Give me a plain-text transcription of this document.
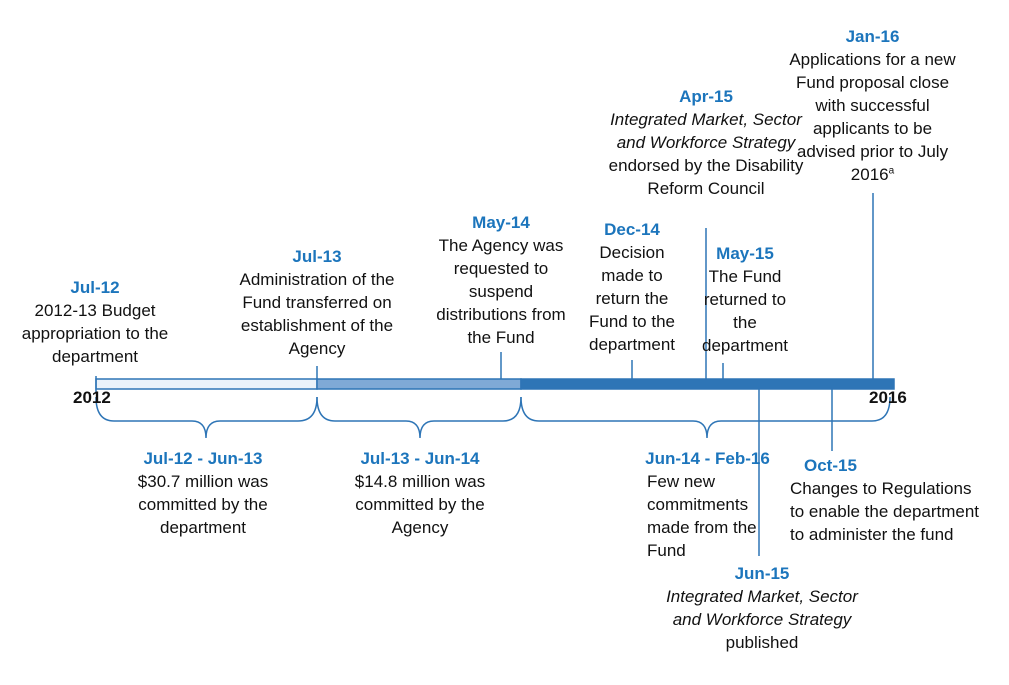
2012	2016
Jul-12
2012-13 Budget appropriation to the department
Jul-13
Administration of the Fund transferred on establishment of the Agency
May-14
The Agency was requested to suspend distributions from the Fund
Dec-14
Decision made to return the Fund to the department
Apr-15
Integrated Market, Sector and Workforce Strategy endorsed by the Disability Reform Council
May-15
The Fund returned to the department
Jan-16
Applications for a new Fund proposal close with successful applicants to be advised prior to July 2016$^a$
Jul-12 - Jun-13
$30.7 million was committed by the department
Jul-13 - Jun-14
$14.8 million was committed by the Agency
Jun-14 - Feb-16
Few new commitments made from the Fund
Oct-15
Changes to Regulations to enable the department to administer the fund
Jun-15
Integrated Market, Sector and Workforce Strategy published
